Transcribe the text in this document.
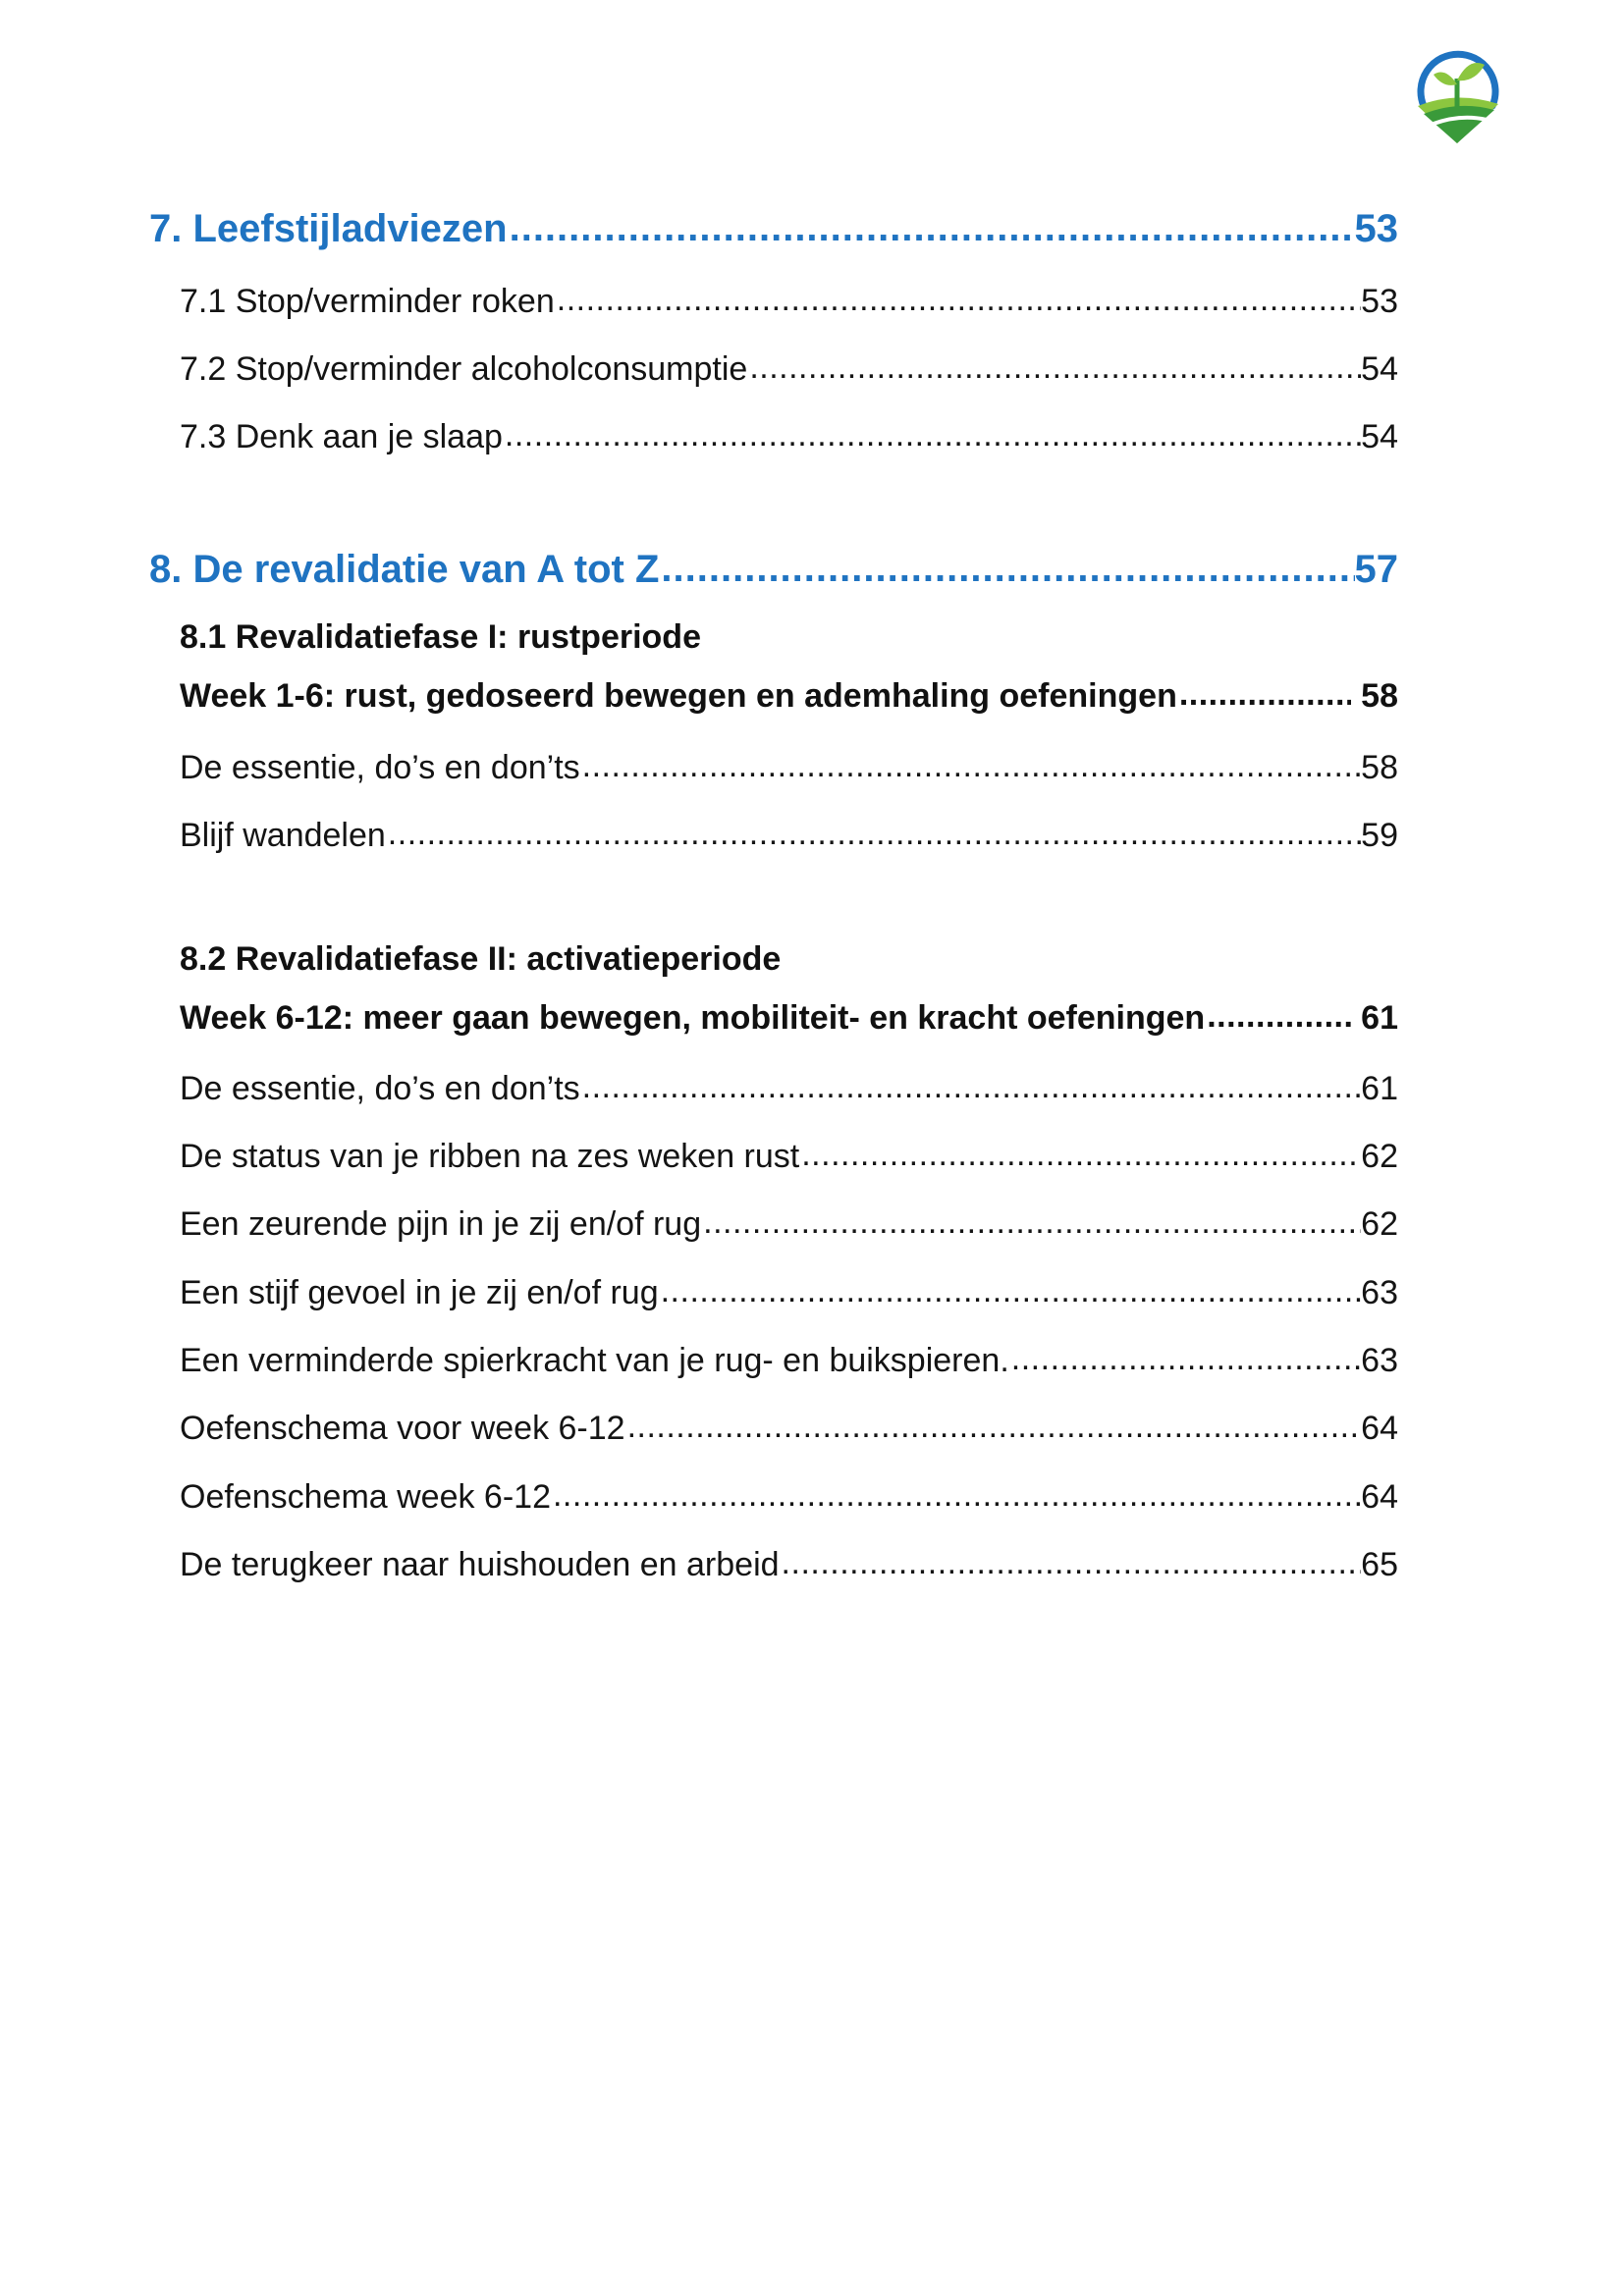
7. Leefstijladviezen .....	53
7.1 Stop/verminder roken .....	53
7.2 Stop/verminder alcoholconsumptie .....	54
7.3 Denk aan je slaap .....	54
8. De revalidatie van A tot Z .....	57
8.1 Revalidatiefase I: rustperiode
Week 1-6: rust, gedoseerd bewegen en ademhaling oefeningen .....	58
De essentie, do’s en don’ts .....	58
Blijf wandelen .....	59
8.2 Revalidatiefase II: activatieperiode
Week 6-12: meer gaan bewegen, mobiliteit- en kracht oefeningen .....	61
De essentie, do’s en don’ts .....	61
De status van je ribben na zes weken rust .....	62
Een zeurende pijn in je zij en/of rug .....	62
Een stijf gevoel in je zij en/of rug .....	63
Een verminderde spierkracht van je rug- en buikspieren. .....	63
Oefenschema voor week 6-12 .....	64
Oefenschema week 6-12 .....	64
De terugkeer naar huishouden en arbeid .....	65
